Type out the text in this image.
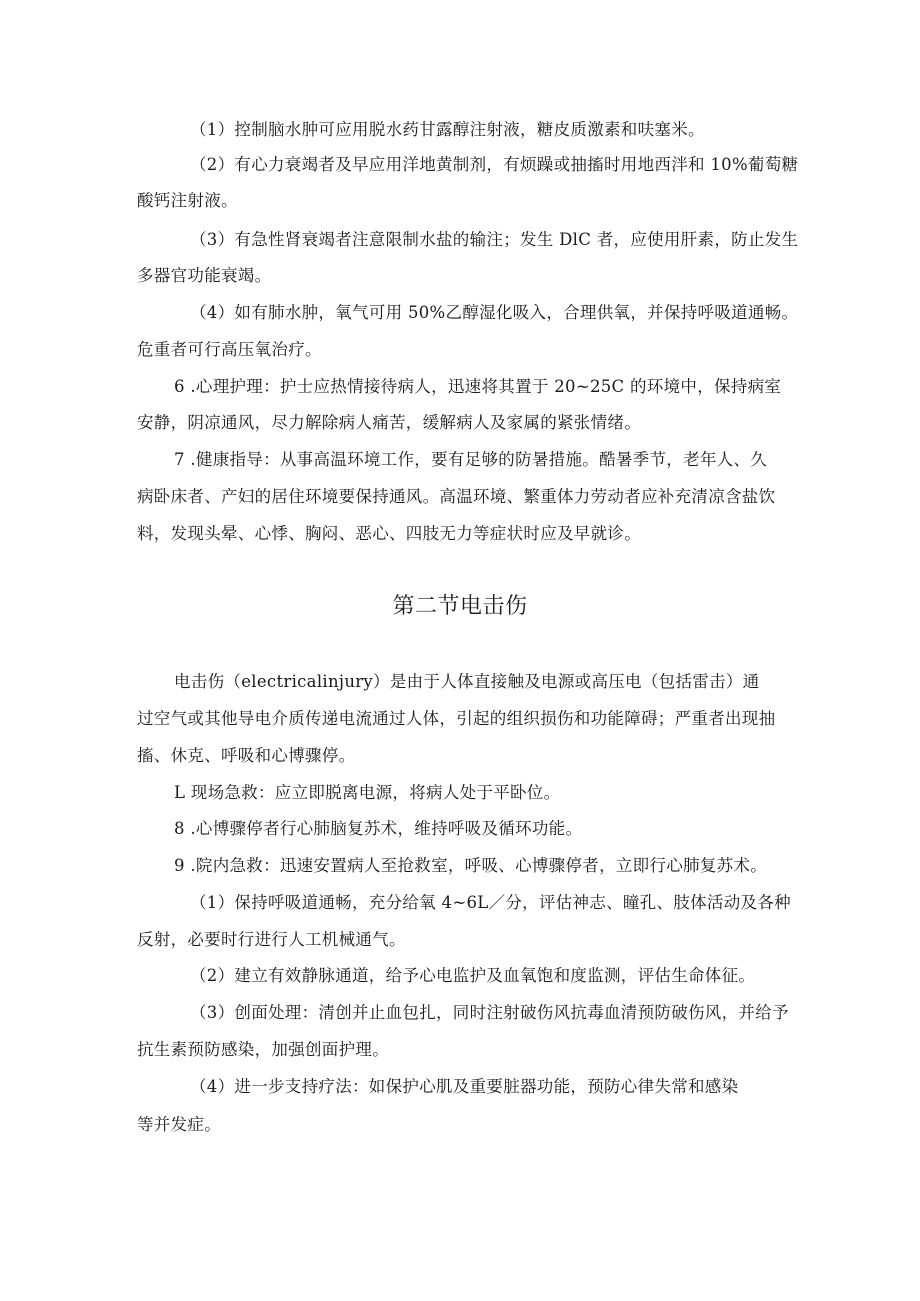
（1）控制脑水肿可应用脱水药甘露醇注射液，糖皮质激素和呋塞米。

（2）有心力衰竭者及早应用洋地黄制剂，有烦躁或抽搐时用地西泮和 10%葡萄糖

酸钙注射液。

（3）有急性肾衰竭者注意限制水盐的输注；发生 DlC 者，应使用肝素，防止发生

多器官功能衰竭。

（4）如有肺水肿，氧气可用 50%乙醇湿化吸入，合理供氧，并保持呼吸道通畅。

危重者可行高压氧治疗。

6 .心理护理：护士应热情接待病人，迅速将其置于 20~25C 的环境中，保持病室

安静，阴凉通风，尽力解除病人痛苦，缓解病人及家属的紧张情绪。

7 .健康指导：从事高温环境工作，要有足够的防暑措施。酷暑季节，老年人、久

病卧床者、产妇的居住环境要保持通风。高温环境、繁重体力劳动者应补充清凉含盐饮

料，发现头晕、心悸、胸闷、恶心、四肢无力等症状时应及早就诊。

第二节电击伤

电击伤（electricalinjury）是由于人体直接触及电源或高压电（包括雷击）通

过空气或其他导电介质传递电流通过人体，引起的组织损伤和功能障碍；严重者出现抽

搐、休克、呼吸和心博骤停。

L 现场急救：应立即脱离电源，将病人处于平卧位。

8 .心博骤停者行心肺脑复苏术，维持呼吸及循环功能。

9 .院内急救：迅速安置病人至抢救室，呼吸、心博骤停者，立即行心肺复苏术。

（1）保持呼吸道通畅，充分给氧 4~6L／分，评估神志、瞳孔、肢体活动及各种

反射，必要时行进行人工机械通气。

（2）建立有效静脉通道，给予心电监护及血氧饱和度监测，评估生命体征。

（3）创面处理：清创并止血包扎，同时注射破伤风抗毒血清预防破伤风，并给予

抗生素预防感染，加强创面护理。

（4）进一步支持疗法：如保护心肌及重要脏器功能，预防心律失常和感染

等并发症。
